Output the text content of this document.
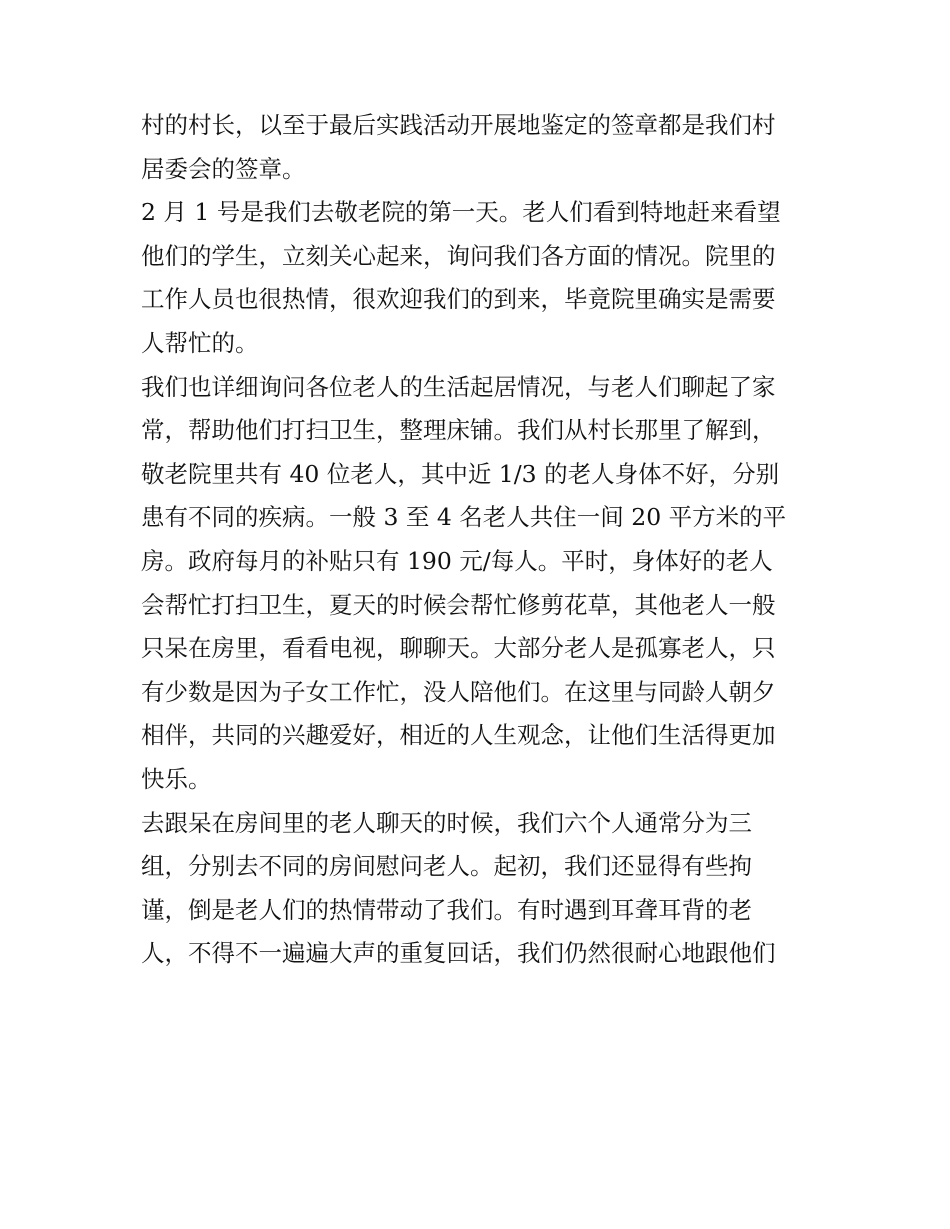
村的村长，以至于最后实践活动开展地鉴定的签章都是我们村
居委会的签章。

2 月 1 号是我们去敬老院的第一天。老人们看到特地赶来看望
他们的学生，立刻关心起来，询问我们各方面的情况。院里的
工作人员也很热情，很欢迎我们的到来，毕竟院里确实是需要
人帮忙的。

我们也详细询问各位老人的生活起居情况，与老人们聊起了家
常，帮助他们打扫卫生，整理床铺。我们从村长那里了解到，
敬老院里共有 40 位老人，其中近 1/3 的老人身体不好，分别
患有不同的疾病。一般 3 至 4 名老人共住一间 20 平方米的平
房。政府每月的补贴只有 190 元/每人。平时，身体好的老人
会帮忙打扫卫生，夏天的时候会帮忙修剪花草，其他老人一般
只呆在房里，看看电视，聊聊天。大部分老人是孤寡老人，只
有少数是因为子女工作忙，没人陪他们。在这里与同龄人朝夕
相伴，共同的兴趣爱好，相近的人生观念，让他们生活得更加
快乐。

去跟呆在房间里的老人聊天的时候，我们六个人通常分为三
组，分别去不同的房间慰问老人。起初，我们还显得有些拘
谨，倒是老人们的热情带动了我们。有时遇到耳聋耳背的老
人，不得不一遍遍大声的重复回话，我们仍然很耐心地跟他们
